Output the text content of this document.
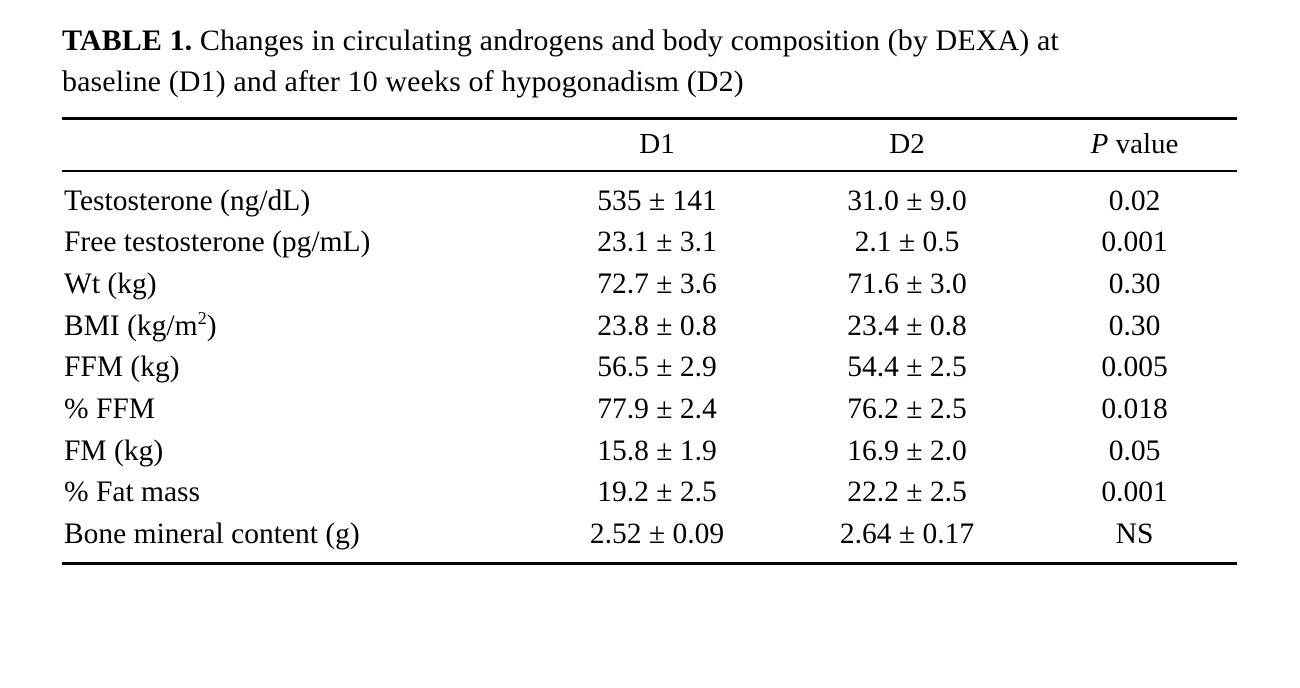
TABLE 1. Changes in circulating androgens and body composition (by DEXA) at baseline (D1) and after 10 weeks of hypogonadism (D2)

	D1	D2	P value
Testosterone (ng/dL)	535 ± 141	31.0 ± 9.0	0.02
Free testosterone (pg/mL)	23.1 ± 3.1	2.1 ± 0.5	0.001
Wt (kg)	72.7 ± 3.6	71.6 ± 3.0	0.30
BMI $(kg/m^2)$	23.8 ± 0.8	23.4 ± 0.8	0.30
FFM (kg)	56.5 ± 2.9	54.4 ± 2.5	0.005
% FFM	77.9 ± 2.4	76.2 ± 2.5	0.018
FM (kg)	15.8 ± 1.9	16.9 ± 2.0	0.05
% Fat mass	19.2 ± 2.5	22.2 ± 2.5	0.001
Bone mineral content (g)	2.52 ± 0.09	2.64 ± 0.17	NS
